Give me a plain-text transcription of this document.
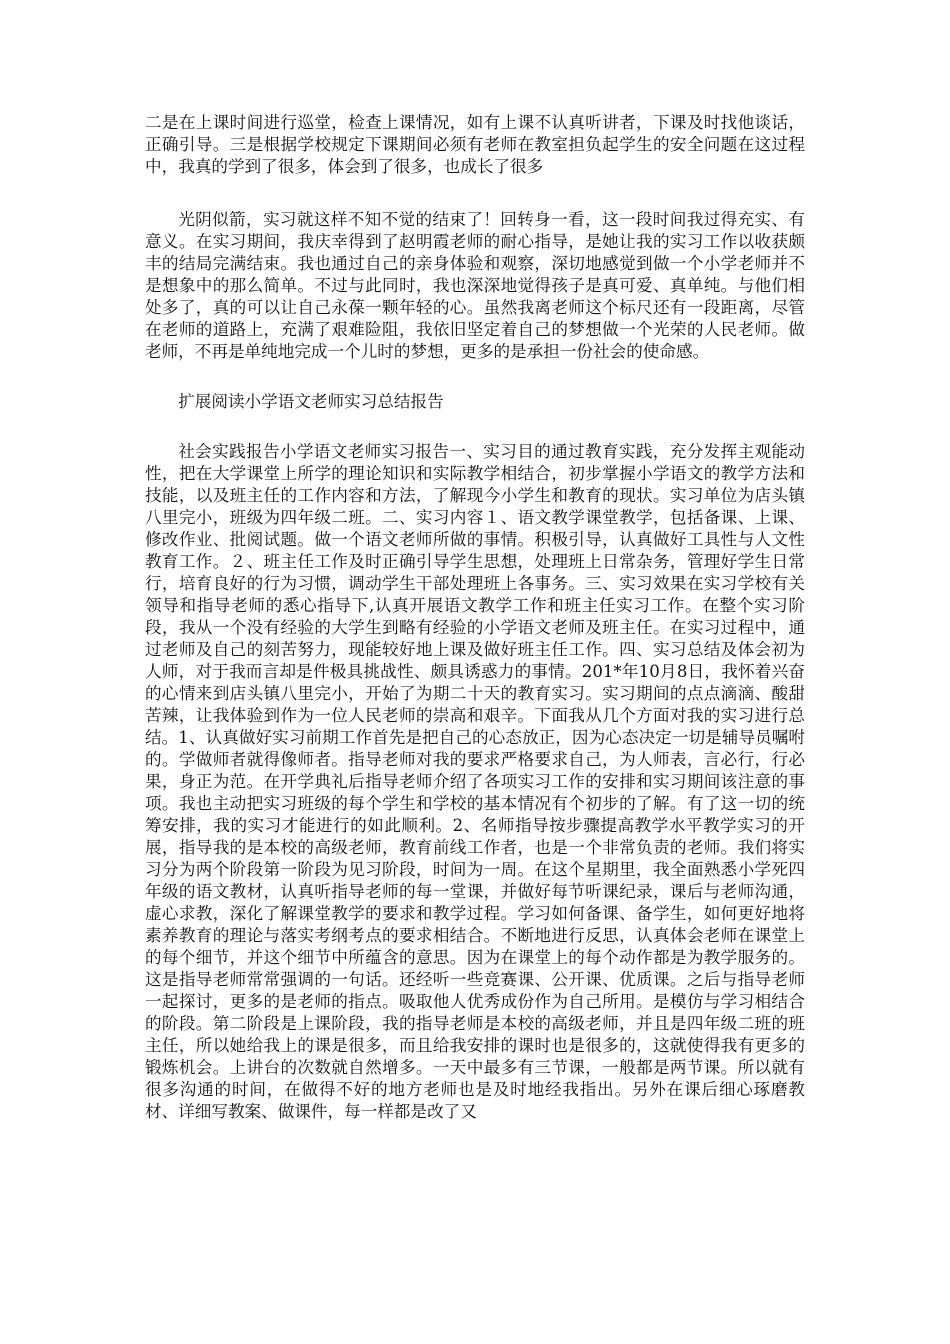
二是在上课时间进行巡堂，检查上课情况，如有上课不认真听讲者，下课及时找他谈话，正确引导。三是根据学校规定下课期间必须有老师在教室担负起学生的安全问题在这过程中，我真的学到了很多，体会到了很多，也成长了很多

光阴似箭，实习就这样不知不觉的结束了！回转身一看，这一段时间我过得充实、有意义。在实习期间，我庆幸得到了赵明霞老师的耐心指导，是她让我的实习工作以收获颇丰的结局完满结束。我也通过自己的亲身体验和观察，深切地感觉到做一个小学老师并不是想象中的那么简单。不过与此同时，我也深深地觉得孩子是真可爱、真单纯。与他们相处多了，真的可以让自己永葆一颗年轻的心。虽然我离老师这个标尺还有一段距离，尽管在老师的道路上，充满了艰难险阻，我依旧坚定着自己的梦想做一个光荣的人民老师。做老师，不再是单纯地完成一个儿时的梦想，更多的是承担一份社会的使命感。

扩展阅读小学语文老师实习总结报告

社会实践报告小学语文老师实习报告一、实习目的通过教育实践，充分发挥主观能动性，把在大学课堂上所学的理论知识和实际教学相结合，初步掌握小学语文的教学方法和技能，以及班主任的工作内容和方法，了解现今小学生和教育的现状。实习单位为店头镇八里完小，班级为四年级二班。二、实习内容１、语文教学课堂教学，包括备课、上课、修改作业、批阅试题。做一个语文老师所做的事情。积极引导，认真做好工具性与人文性教育工作。２、班主任工作及时正确引导学生思想，处理班上日常杂务，管理好学生日常行，培育良好的行为习惯，调动学生干部处理班上各事务。三、实习效果在实习学校有关领导和指导老师的悉心指导下,认真开展语文教学工作和班主任实习工作。在整个实习阶段，我从一个没有经验的大学生到略有经验的小学语文老师及班主任。在实习过程中，通过老师及自己的刻苦努力，现能较好地上课及做好班主任工作。四、实习总结及体会初为人师，对于我而言却是件极具挑战性、颇具诱惑力的事情。201*年10月8日，我怀着兴奋的心情来到店头镇八里完小，开始了为期二十天的教育实习。实习期间的点点滴滴、酸甜苦辣，让我体验到作为一位人民老师的崇高和艰辛。下面我从几个方面对我的实习进行总结。1、认真做好实习前期工作首先是把自己的心态放正，因为心态决定一切是辅导员嘱咐的。学做师者就得像师者。指导老师对我的要求严格要求自己，为人师表，言必行，行必果，身正为范。在开学典礼后指导老师介绍了各项实习工作的安排和实习期间该注意的事项。我也主动把实习班级的每个学生和学校的基本情况有个初步的了解。有了这一切的统筹安排，我的实习才能进行的如此顺利。2、名师指导按步骤提高教学水平教学实习的开展，指导我的是本校的高级老师，教育前线工作者，也是一个非常负责的老师。我们将实习分为两个阶段第一阶段为见习阶段，时间为一周。在这个星期里，我全面熟悉小学死四年级的语文教材，认真听指导老师的每一堂课，并做好每节听课纪录，课后与老师沟通，虚心求教，深化了解课堂教学的要求和教学过程。学习如何备课、备学生，如何更好地将素养教育的理论与落实考纲考点的要求相结合。不断地进行反思，认真体会老师在课堂上的每个细节，并这个细节中所蕴含的意思。因为在课堂上的每个动作都是为教学服务的。这是指导老师常常强调的一句话。还经听一些竞赛课、公开课、优质课。之后与指导老师一起探讨，更多的是老师的指点。吸取他人优秀成份作为自己所用。是模仿与学习相结合的阶段。第二阶段是上课阶段，我的指导老师是本校的高级老师，并且是四年级二班的班主任，所以她给我上的课是很多，而且给我安排的课时也是很多的，这就使得我有更多的锻炼机会。上讲台的次数就自然增多。一天中最多有三节课，一般都是两节课。所以就有很多沟通的时间，在做得不好的地方老师也是及时地经我指出。另外在课后细心琢磨教材、详细写教案、做课件，每一样都是改了又
